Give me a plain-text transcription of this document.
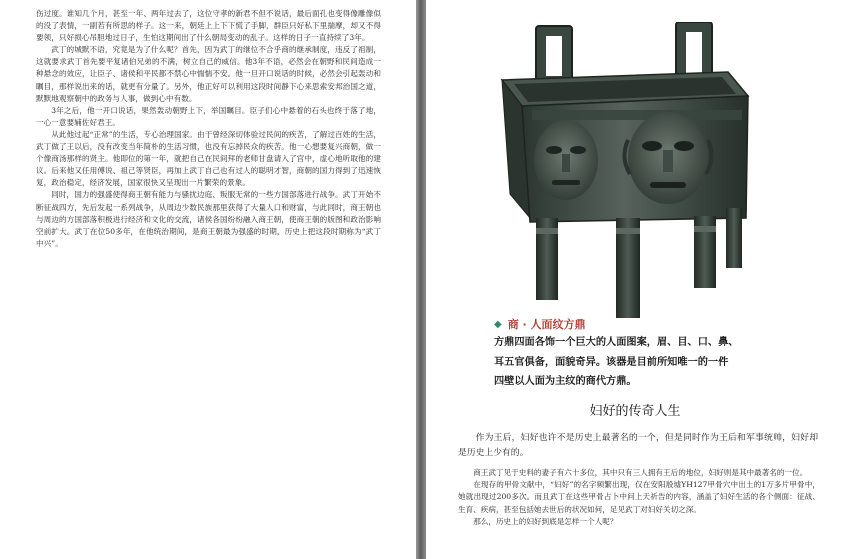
伤过度。谁知几个月，甚至一年、两年过去了，这位守孝的新君不但不说话，最后面孔也变得像雕像似的没了表情，一副若有所思的样子。这一来，朝廷上上下下慌了手脚，群臣只好私下里揣摩，却又不得要领，只好损心吊胆地过日子，生怕这期间出了什么朝局变动的乱子。这样的日子一直持续了3年。

武丁的城默不语，究竟是为了什么呢？首先，因为武丁的继位不合乎商的继承制度，违反了祖制，这就要求武丁首先要平复诸伯兄弟的不满，树立自己的威信。他3年不语，必然会在朝野和民间造成一种悬念的效应，让臣子、诸侯和平民都不禁心中惴惴不安。他一旦开口说话的时候，必然会引起轰动和瞩目，那样说出来的话，就更有分量了。另外，他正好可以利用这段时间静下心来思索安邦治国之道，默默地观察朝中的政务与人事，做到心中有数。

3年之后，他一开口说话，果然轰动朝野上下，举国瞩目。臣子们心中悬着的石头也终于落了地，一心一意要辅佐好君王。

从此他过起“正常”的生活，专心治理国家。由于曾经深切体验过民间的疾苦，了解过百姓的生活，武丁做了王以后，没有改变当年简朴的生活习惯，也没有忘掉民众的疾苦。他一心想要复兴商朝，做一个像商汤那样的贤主。他即位的第一年，就把自己在民间拜的老师甘盘请入了宫中，虚心地听取他的建议。后来他又任用傅说、祖己等贤臣，再加上武丁自己也有过人的聪明才智，商朝的国力得到了迅速恢复，政治稳定，经济发展，国家很快又呈现出一片繁荣的景象。

同时，国力的强盛使得商王朝有能力与骚扰边庭、叛服无常的一些方国部落进行战争。武丁开始不断征战四方，先后发起一系列战争，从周边少数民族那里获得了大量人口和财富，与此同时，商王朝也与周边的方国部落积极进行经济和文化的交流，诸侯各国纷纷融入商王朝，使商王朝的版图和政治影响空前扩大。武丁在位50多年，在他统治期间，是商王朝最为强盛的时期，历史上把这段时期称为“武丁中兴”。

◆ 商 · 人面纹方鼎
方鼎四面各饰一个巨大的人面图案，眉、目、口、鼻、
耳五官俱备，面貌奇异。该器是目前所知唯一的一件
四壁以人面为主纹的商代方鼎。
妇好的传奇人生

作为王后，妇好也许不是历史上最著名的一个，但是同时作为王后和军事统帅，妇好却是历史上少有的。

商王武丁见于史料的妻子有六十多位，其中只有三人拥有王后的地位，妇好则是其中最著名的一位。

在现存的甲骨文献中，“妇好”的名字频繁出现，仅在安阳殷墟YH127甲骨穴中出土的1万多片甲骨中，她就出现过200多次。而且武丁在这些甲骨占卜中问上天祈告的内容，涵盖了妇好生活的各个侧面：征战、生育、疾病，甚至包括她去世后的状况如何，足见武丁对妇好关切之深。

那么，历史上的妇好到底是怎样一个人呢？
